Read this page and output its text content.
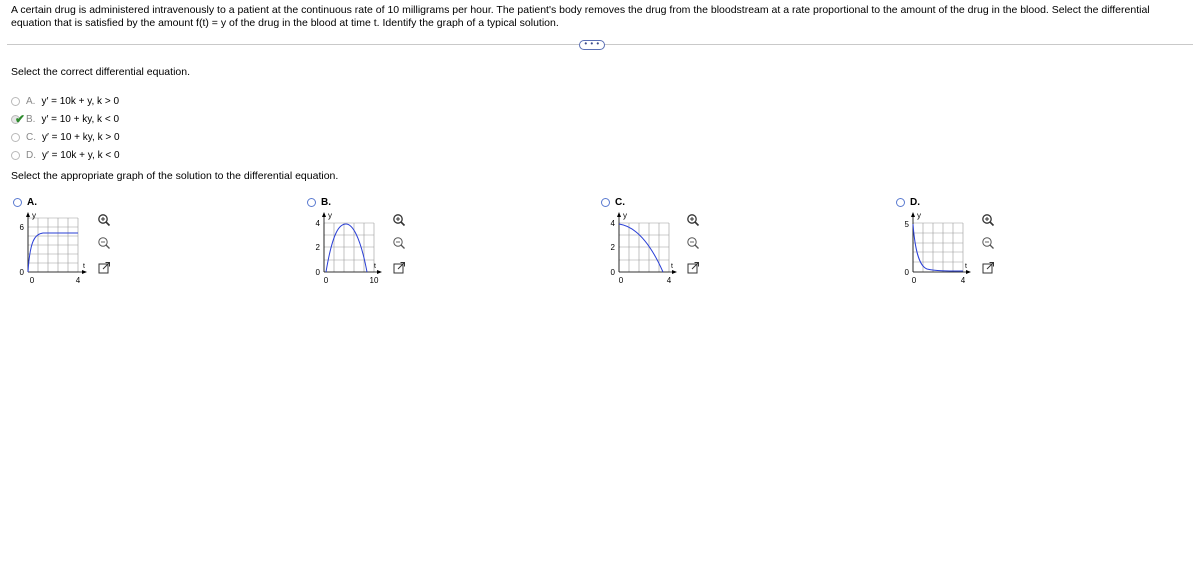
A certain drug is administered intravenously to a patient at the continuous rate of 10 milligrams per hour. The patient's body removes the drug from the bloodstream at a rate proportional to the amount of the drug in the blood. Select the differential equation that is satisfied by the amount f(t) = y of the drug in the blood at time t. Identify the graph of a typical solution.
• • •
Select the correct differential equation.
A. y′ = 10k + y, k > 0
✔ B. y′ = 10 + ky, k < 0
C. y′ = 10 + ky, k > 0
D. y′ = 10k + y, k < 0
Select the appropriate graph of the solution to the differential equation.
A.
y
t
6
0
0	4
B.
y
t
4
2
0
0	10
C.
y
t
4
2
0
0	4
D.
y
t
5
0
0	4
